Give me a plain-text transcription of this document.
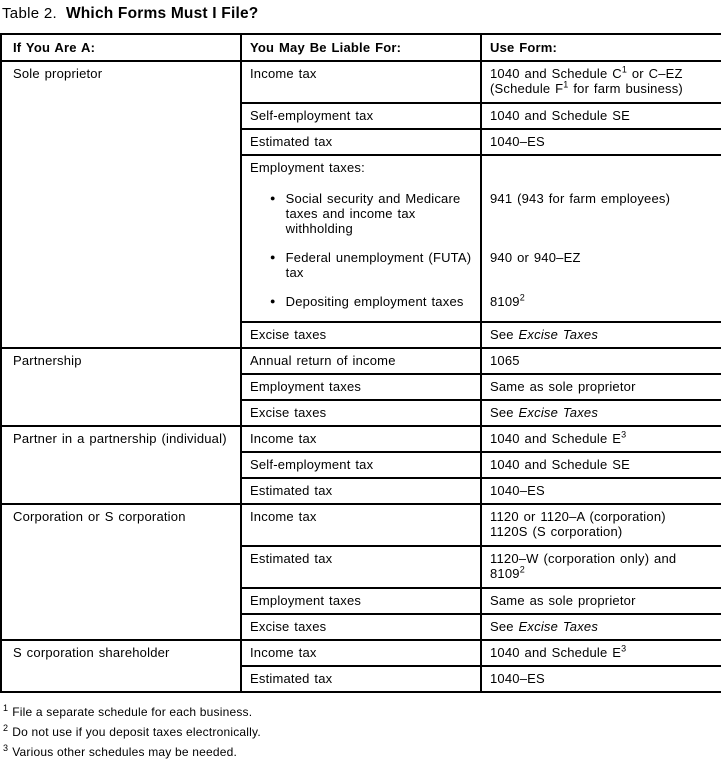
Table 2. Which Forms Must I File?
If You Are A:	You May Be Liable For:	Use Form:
Sole proprietor	Income tax	1040 and Schedule $C^1$ or C–EZ
(Schedule $F^1$ for farm business)
	Self-employment tax	1040 and Schedule SE
	Estimated tax	1040–ES
	Employment taxes:	

	● Social security and Medicare taxes and income tax withholding	941 (943 for farm employees)

	● Federal unemployment (FUTA) tax	940 or 940–EZ

	● Depositing employment taxes	8109$^2$
	Excise taxes	See Excise Taxes
Partnership	Annual return of income	1065
	Employment taxes	Same as sole proprietor
	Excise taxes	See Excise Taxes
Partner in a partnership (individual)	Income tax	1040 and Schedule $E^3$
	Self-employment tax	1040 and Schedule SE
	Estimated tax	1040–ES
Corporation or S corporation	Income tax	1120 or 1120–A (corporation)
1120S (S corporation)
	Estimated tax	1120–W (corporation only) and
8109$^2$
	Employment taxes	Same as sole proprietor
	Excise taxes	See Excise Taxes
S corporation shareholder	Income tax	1040 and Schedule $E^3$
	Estimated tax	1040–ES
$^1$ File a separate schedule for each business.
$^2$ Do not use if you deposit taxes electronically.
$^3$ Various other schedules may be needed.
